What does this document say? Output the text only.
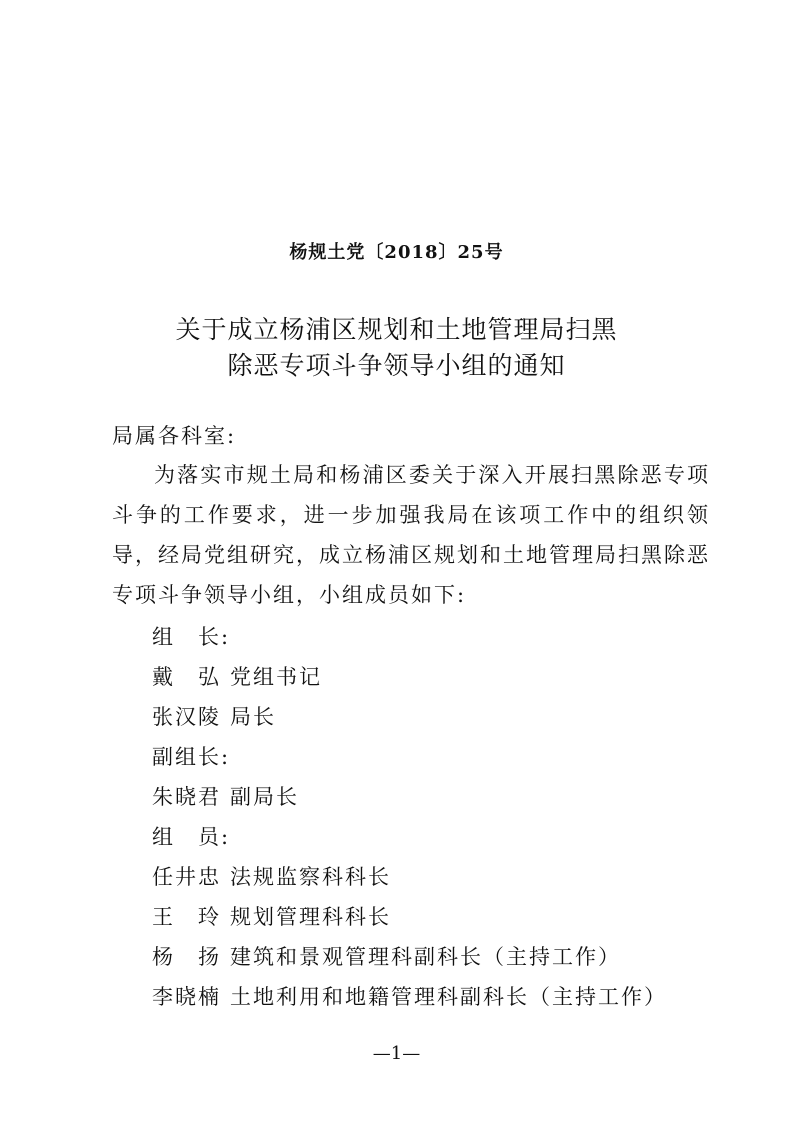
杨规土党〔2018〕25号
关于成立杨浦区规划和土地管理局扫黑
除恶专项斗争领导小组的通知
局属各科室:
为落实市规土局和杨浦区委关于深入开展扫黑除恶专项斗争的工作要求，进一步加强我局在该项工作中的组织领导，经局党组研究，成立杨浦区规划和土地管理局扫黑除恶专项斗争领导小组，小组成员如下:
组　长:
戴　弘 党组书记
张汉陵 局长
副组长:
朱晓君 副局长
组　员:
任井忠 法规监察科科长
王　玲 规划管理科科长
杨　扬 建筑和景观管理科副科长（主持工作）
李晓楠 土地利用和地籍管理科副科长（主持工作）
—1—
